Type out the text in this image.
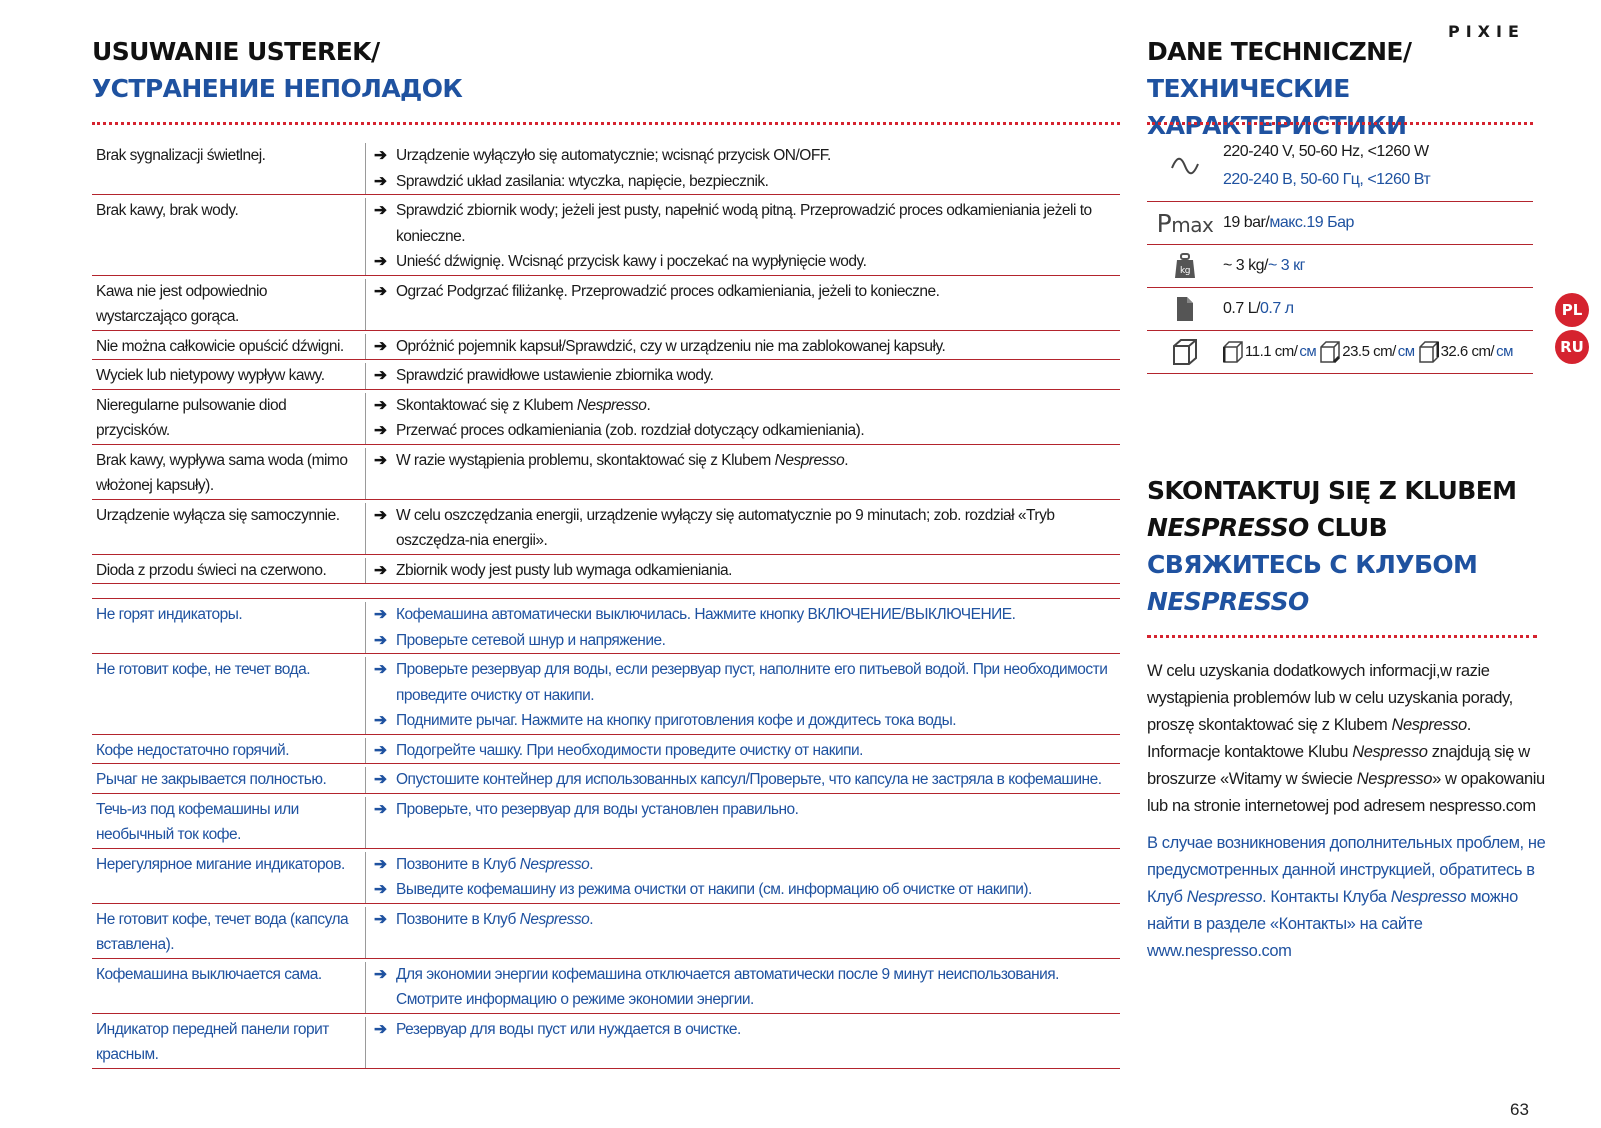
PIXIE
USUWANIE USTEREK/
УСТРАНЕНИЕ НЕПОЛАДОК
Brak sygnalizacji świetlnej.	➔ Urządzenie wyłączyło się automatycznie; wcisnąć przycisk ON/OFF.
➔ Sprawdzić układ zasilania: wtyczka, napięcie, bezpiecznik.
Brak kawy, brak wody.	➔ Sprawdzić zbiornik wody; jeżeli jest pusty, napełnić wodą pitną. Przeprowadzić proces odkamieniania jeżeli to konieczne.
➔ Unieść dźwignię. Wcisnąć przycisk kawy i poczekać na wypłynięcie wody.
Kawa nie jest odpowiednio wystarczająco gorąca.
➔ Ogrzać Podgrzać filiżankę. Przeprowadzić proces odkamieniania, jeżeli to konieczne.
Nie można całkowicie opuścić dźwigni.	➔ Opróżnić pojemnik kapsuł/Sprawdzić, czy w urządzeniu nie ma zablokowanej kapsuły.
Wyciek lub nietypowy wypływ kawy.	➔ Sprawdzić prawidłowe ustawienie zbiornika wody.
Nieregularne pulsowanie diod przycisków.
➔ Skontaktować się z Klubem Nespresso.
➔ Przerwać proces odkamieniania (zob. rozdział dotyczący odkamieniania).
Brak kawy, wypływa sama woda (mimo włożonej kapsuły).
➔ W razie wystąpienia problemu, skontaktować się z Klubem Nespresso.
Urządzenie wyłącza się samoczynnie.	➔ W celu oszczędzania energii, urządzenie wyłączy się automatycznie po 9 minutach; zob. rozdział «Tryb oszczędza-nia energii».
Dioda z przodu świeci na czerwono.	➔ Zbiornik wody jest pusty lub wymaga odkamieniania.
Не горят индикаторы.	➔ Кофемашина автоматически выключилась. Нажмите кнопку ВКЛЮЧЕНИЕ/ВЫКЛЮЧЕНИЕ.
➔ Проверьте сетевой шнур и напряжение.
Не готовит кофе, не течет вода.	➔ Проверьте резервуар для воды, если резервуар пуст, наполните его питьевой водой. При необходимости проведите очистку от накипи.
➔ Поднимите рычаг. Нажмите на кнопку приготовления кофе и дождитесь тока воды.
Кофе недостаточно горячий.	➔ Подогрейте чашку. При необходимости проведите очистку от накипи.
Рычаг не закрывается полностью.	➔ Опустошите контейнер для использованных капсул/Проверьте, что капсула не застряла в кофемашине.
Течь-из под кофемашины или необычный ток кофе.
➔ Проверьте, что резервуар для воды установлен правильно.
Нерегулярное мигание индикаторов.	➔ Позвоните в Клуб Nespresso.
➔ Выведите кофемашину из режима очистки от накипи (см. информацию об очистке от накипи).
Не готовит кофе, течет вода (капсула вставлена).
➔ Позвоните в Клуб Nespresso.
Кофемашина выключается сама.	➔ Для экономии энергии кофемашина отключается автоматически после 9 минут неиспользования. Смотрите информацию о режиме экономии энергии.
Индикатор передней панели горит красным.
➔ Резервуар для воды пуст или нуждается в очистке.
DANE TECHNICZNE/
ТЕХНИЧЕСКИЕ ХАРАКТЕРИСТИКИ
220-240 V, 50-60 Hz, <1260 W
220-240 В, 50-60 Гц, <1260 Вт
Pmax 19 bar/макс.19 Бар
kg ~ 3 kg/~ 3 кг
0.7 L/0.7 л
11.1 cm/ см 23.5 cm/ см 32.6 cm/ см
PL
RU
SKONTAKTUJ SIĘ Z KLUBEM
NESPRESSO CLUB
СВЯЖИТЕСЬ С КЛУБОМ
NESPRESSO

W celu uzyskania dodatkowych informacji,w razie wystąpienia problemów lub w celu uzyskania porady, proszę skontaktować się z Klubem Nespresso. Informacje kontaktowe Klubu Nespresso znajdują się w broszurze «Witamy w świecie Nespresso» w opakowaniu lub na stronie internetowej pod adresem nespresso.com

В случае возникновения дополнительных проблем, не предусмотренных данной инструкцией, обратитесь в Клуб Nespresso. Контакты Клуба Nespresso можно найти в разделе «Контакты» на сайте www.nespresso.com

63
